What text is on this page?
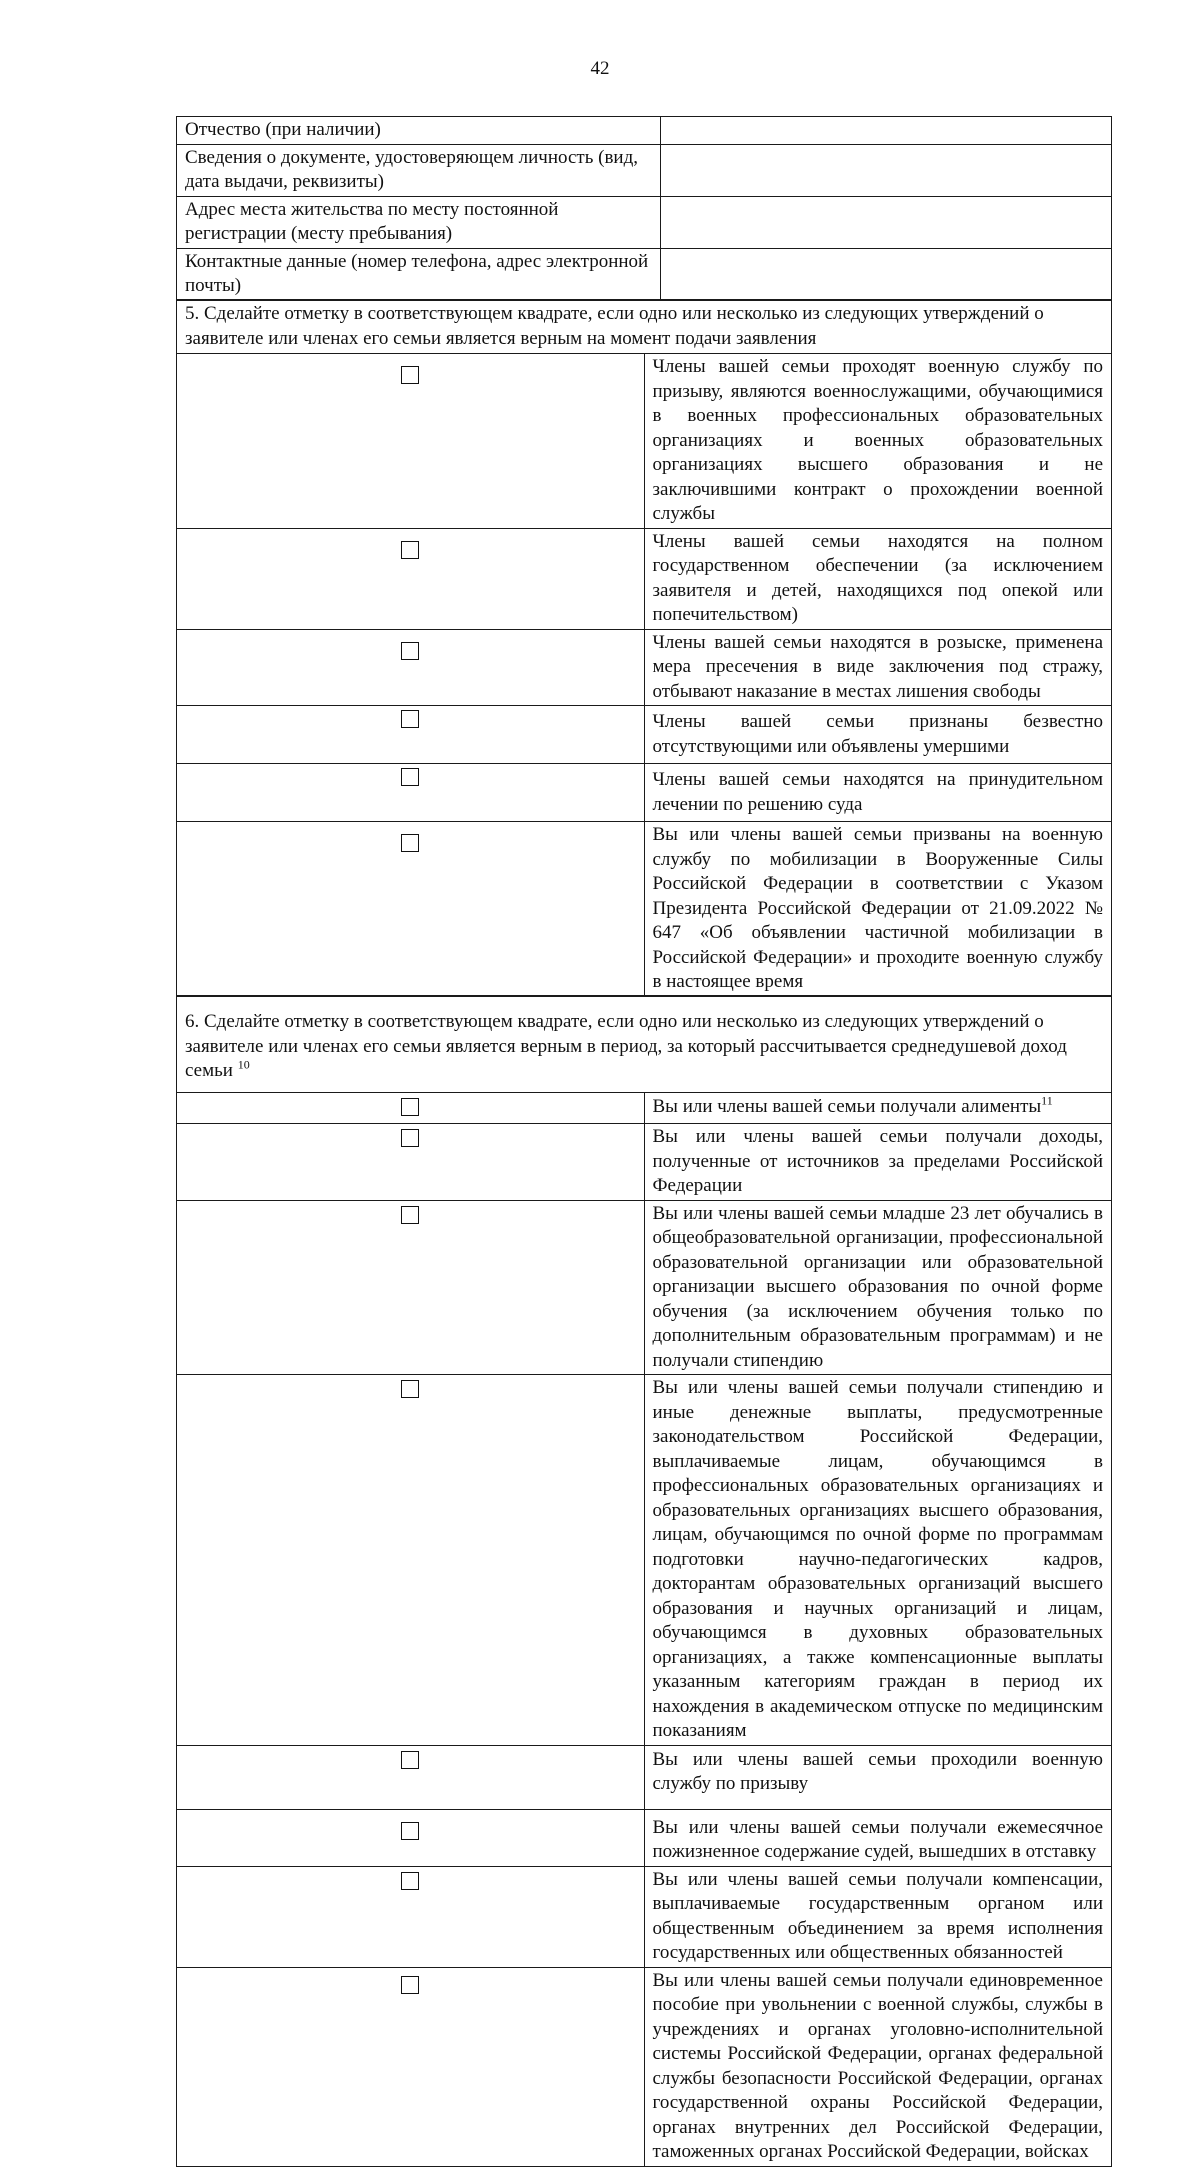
42
Отчество (при наличии)	
Сведения о документе, удостоверяющем личность (вид, дата выдачи, реквизиты)	
Адрес места жительства по месту постоянной регистрации (месту пребывания)	
Контактные данные (номер телефона, адрес электронной почты)	
5. Сделайте отметку в соответствующем квадрате, если одно или несколько из следующих утверждений о заявителе или членах его семьи является верным на момент подачи заявления	
	Члены вашей семьи проходят военную службу по призыву, являются военнослужащими, обучающимися в военных профессиональных образовательных организациях и военных образовательных организациях высшего образования и не заключившими контракт о прохождении военной службы
	Члены вашей семьи находятся на полном государственном обеспечении (за исключением заявителя и детей, находящихся под опекой или попечительством)
	Члены вашей семьи находятся в розыске, применена мера пресечения в виде заключения под стражу, отбывают наказание в местах лишения свободы
	Члены вашей семьи признаны безвестно отсутствующими или объявлены умершими
	Члены вашей семьи находятся на принудительном лечении по решению суда
	Вы или члены вашей семьи призваны на военную службу по мобилизации в Вооруженные Силы Российской Федерации в соответствии с Указом Президента Российской Федерации от 21.09.2022 № 647 «Об объявлении частичной мобилизации в Российской Федерации» и проходите военную службу в настоящее время
6. Сделайте отметку в соответствующем квадрате, если одно или несколько из следующих утверждений о заявителе или членах его семьи является верным в период, за который рассчитывается среднедушевой доход семьи $^{10}$
	Вы или члены вашей семьи получали алименты$^{11}$
	Вы или члены вашей семьи получали доходы, полученные от источников за пределами Российской Федерации
	Вы или члены вашей семьи младше 23 лет обучались в общеобразовательной организации, профессиональной образовательной организации или образовательной организации высшего образования по очной форме обучения (за исключением обучения только по дополнительным образовательным программам) и не получали стипендию
	Вы или члены вашей семьи получали стипендию и иные денежные выплаты, предусмотренные законодательством Российской Федерации, выплачиваемые лицам, обучающимся в профессиональных образовательных организациях и образовательных организациях высшего образования, лицам, обучающимся по очной форме по программам подготовки научно-педагогических кадров, докторантам образовательных организаций высшего образования и научных организаций и лицам, обучающимся в духовных образовательных организациях, а также компенсационные выплаты указанным категориям граждан в период их нахождения в академическом отпуске по медицинским показаниям
	Вы или члены вашей семьи проходили военную службу по призыву
	Вы или члены вашей семьи получали ежемесячное пожизненное содержание судей, вышедших в отставку
	Вы или члены вашей семьи получали компенсации, выплачиваемые государственным органом или общественным объединением за время исполнения государственных или общественных обязанностей
	Вы или члены вашей семьи получали единовременное пособие при увольнении с военной службы, службы в учреждениях и органах уголовно-исполнительной системы Российской Федерации, органах федеральной службы безопасности Российской Федерации, органах государственной охраны Российской Федерации, органах внутренних дел Российской Федерации, таможенных органах Российской Федерации, войсках
